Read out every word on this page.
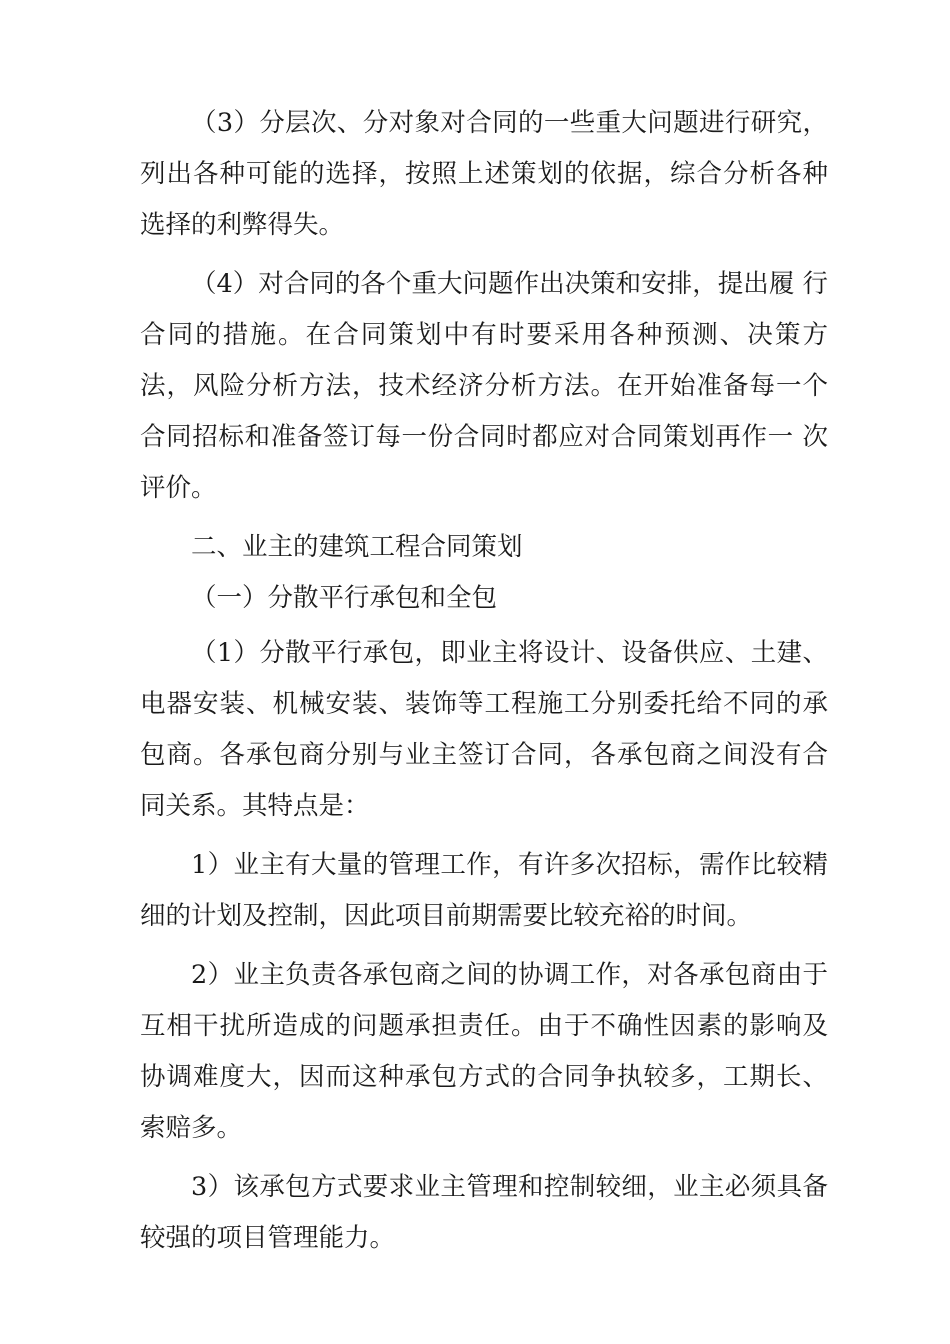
（3）分层次、分对象对合同的一些重大问题进行研究，列出各种可能的选择，按照上述策划的依据，综合分析各种选择的利弊得失。

（4）对合同的各个重大问题作出决策和安排，提出履 行合同的措施。在合同策划中有时要采用各种预测、决策方法，风险分析方法，技术经济分析方法。在开始准备每一个合同招标和准备签订每一份合同时都应对合同策划再作一 次评价。

二、业主的建筑工程合同策划

（一）分散平行承包和全包

（1）分散平行承包，即业主将设计、设备供应、土建、电器安装、机械安装、装饰等工程施工分别委托给不同的承包商。各承包商分别与业主签订合同，各承包商之间没有合同关系。其特点是：

1）业主有大量的管理工作，有许多次招标，需作比较精细的计划及控制，因此项目前期需要比较充裕的时间。

2）业主负责各承包商之间的协调工作，对各承包商由于互相干扰所造成的问题承担责任。由于不确性因素的影响及协调难度大，因而这种承包方式的合同争执较多，工期长、索赔多。

3）该承包方式要求业主管理和控制较细，业主必须具备较强的项目管理能力。
